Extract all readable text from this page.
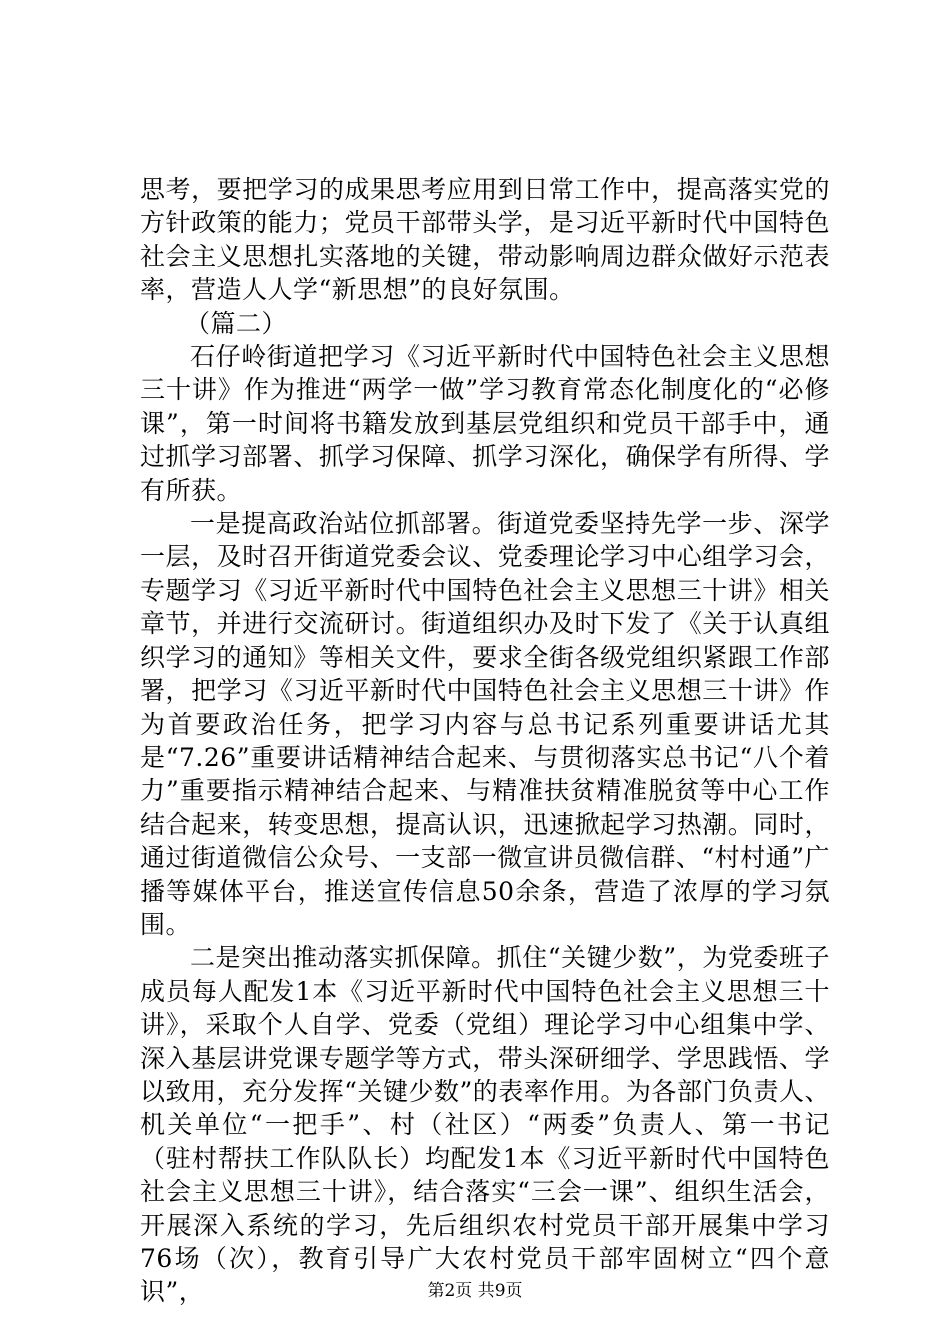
思考，要把学习的成果思考应用到日常工作中，提高落实党的方针政策的能力；党员干部带头学，是习近平新时代中国特色社会主义思想扎实落地的关键，带动影响周边群众做好示范表率，营造人人学“新思想”的良好氛围。

（篇二）

石仔岭街道把学习《习近平新时代中国特色社会主义思想三十讲》作为推进“两学一做”学习教育常态化制度化的“必修课”，第一时间将书籍发放到基层党组织和党员干部手中，通过抓学习部署、抓学习保障、抓学习深化，确保学有所得、学有所获。

一是提高政治站位抓部署。街道党委坚持先学一步、深学一层，及时召开街道党委会议、党委理论学习中心组学习会，专题学习《习近平新时代中国特色社会主义思想三十讲》相关章节，并进行交流研讨。街道组织办及时下发了《关于认真组织学习的通知》等相关文件，要求全街各级党组织紧跟工作部署，把学习《习近平新时代中国特色社会主义思想三十讲》作为首要政治任务，把学习内容与总书记系列重要讲话尤其是“7.26”重要讲话精神结合起来、与贯彻落实总书记“八个着力”重要指示精神结合起来、与精准扶贫精准脱贫等中心工作结合起来，转变思想，提高认识，迅速掀起学习热潮。同时，通过街道微信公众号、一支部一微宣讲员微信群、“村村通”广播等媒体平台，推送宣传信息50余条，营造了浓厚的学习氛围。

二是突出推动落实抓保障。抓住“关键少数”，为党委班子成员每人配发1本《习近平新时代中国特色社会主义思想三十讲》，采取个人自学、党委（党组）理论学习中心组集中学、深入基层讲党课专题学等方式，带头深研细学、学思践悟、学以致用，充分发挥“关键少数”的表率作用。为各部门负责人、机关单位“一把手”、村（社区）“两委”负责人、第一书记（驻村帮扶工作队队长）均配发1本《习近平新时代中国特色社会主义思想三十讲》，结合落实“三会一课”、组织生活会，开展深入系统的学习，先后组织农村党员干部开展集中学习76场（次），教育引导广大农村党员干部牢固树立“四个意识”，	第2页 共9页
